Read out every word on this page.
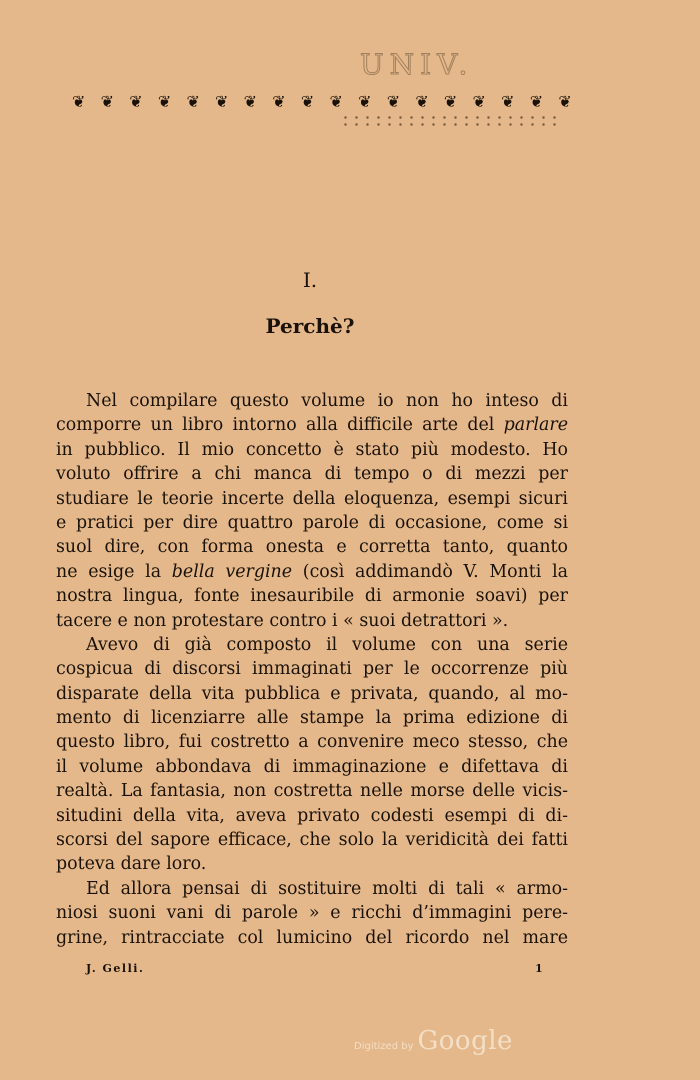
UNIV.
❦ ❦ ❦ ❦ ❦ ❦ ❦ ❦ ❦ ❦ ❦ ❦ ❦ ❦ ❦ ❦ ❦ ❦
I.
Perchè?
Nel compilare questo volume io non ho inteso di
comporre un libro intorno alla difficile arte del parlare
in pubblico. Il mio concetto è stato più modesto. Ho
voluto offrire a chi manca di tempo o di mezzi per
studiare le teorie incerte della eloquenza, esempi sicuri
e pratici per dire quattro parole di occasione, come si
suol dire, con forma onesta e corretta tanto, quanto
ne esige la bella vergine (così addimandò V. Monti la
nostra lingua, fonte inesauribile di armonie soavi) per
tacere e non protestare contro i « suoi detrattori ».
Avevo di già composto il volume con una serie
cospicua di discorsi immaginati per le occorrenze più
disparate della vita pubblica e privata, quando, al mo-
mento di licenziarre alle stampe la prima edizione di
questo libro, fui costretto a convenire meco stesso, che
il volume abbondava di immaginazione e difettava di
realtà. La fantasia, non costretta nelle morse delle vicis-
situdini della vita, aveva privato codesti esempi di di-
scorsi del sapore efficace, che solo la veridicità dei fatti
poteva dare loro.
Ed allora pensai di sostituire molti di tali « armo-
niosi suoni vani di parole » e ricchi d’immagini pere-
grine, rintracciate col lumicino del ricordo nel mare
J. Gelli.	1
Digitized by Google
